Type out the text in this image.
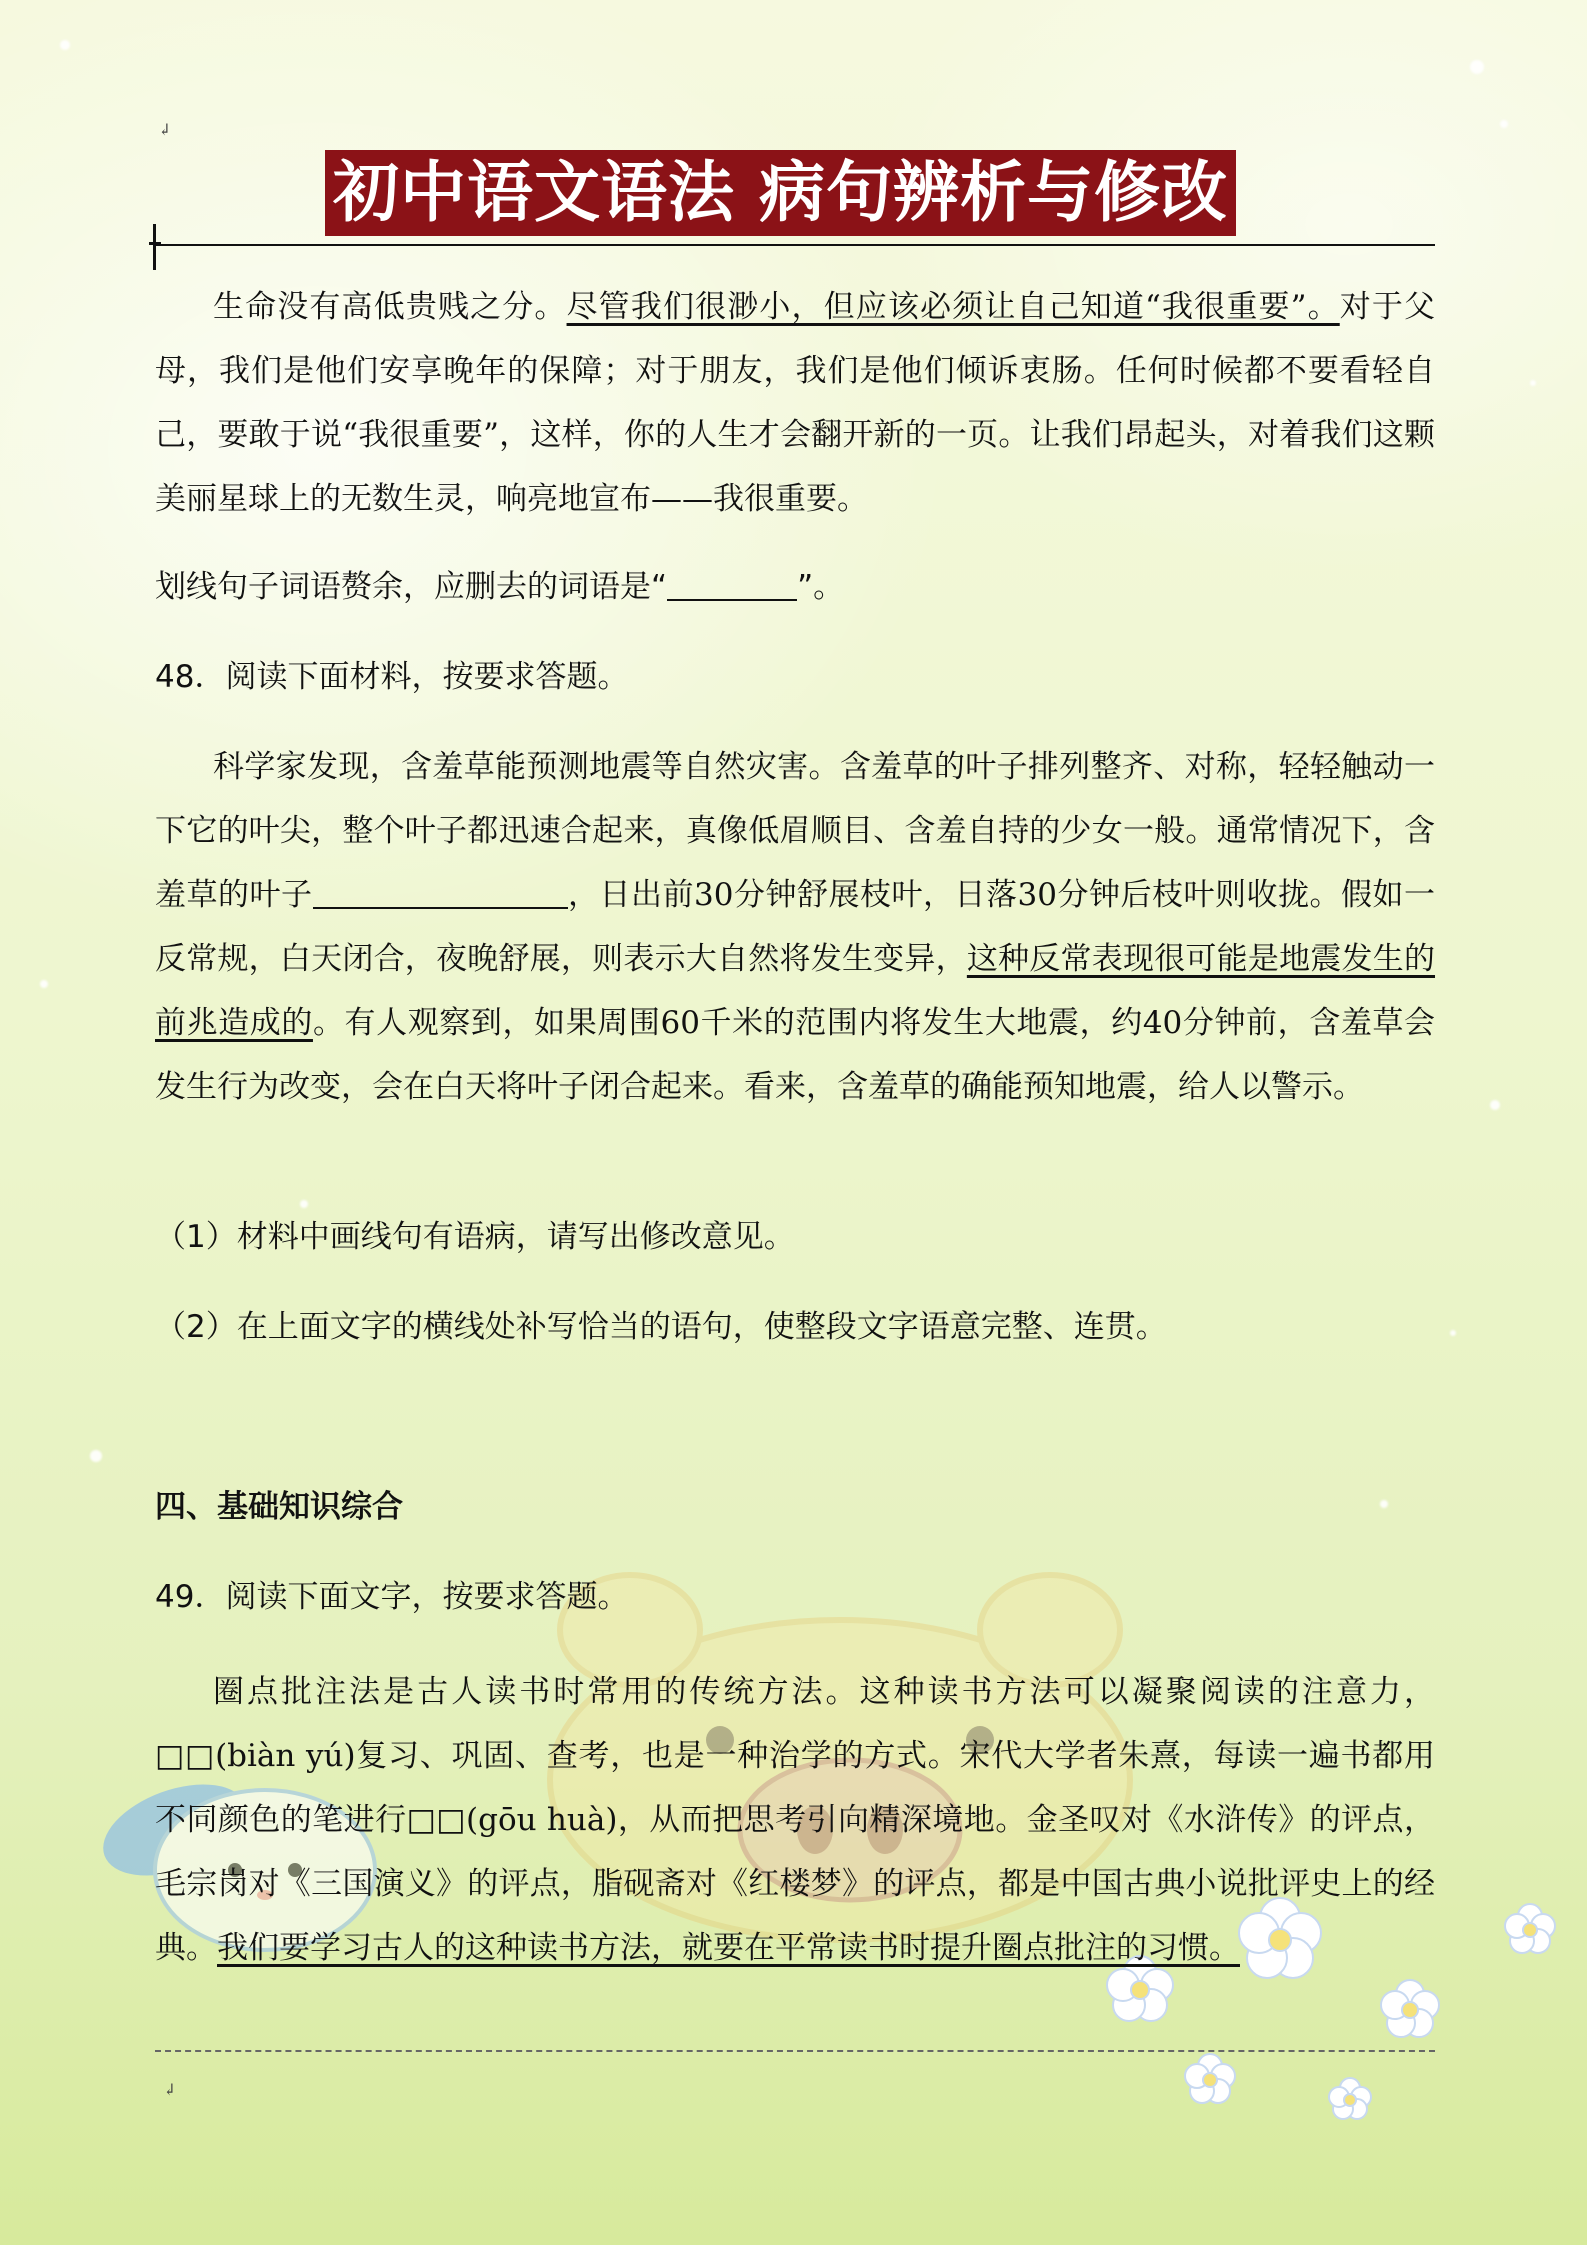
↲
初中语文语法 病句辨析与修改
生命没有高低贵贱之分。尽管我们很渺小，但应该必须让自己知道“我很重要”。对于父母，我们是他们安享晚年的保障；对于朋友，我们是他们倾诉衷肠。任何时候都不要看轻自己，要敢于说“我很重要”，这样，你的人生才会翻开新的一页。让我们昂起头，对着我们这颗美丽星球上的无数生灵，响亮地宣布——我很重要。
划线句子词语赘余，应删去的词语是“	”。
48．阅读下面材料，按要求答题。
科学家发现，含羞草能预测地震等自然灾害。含羞草的叶子排列整齐、对称，轻轻触动一下它的叶尖，整个叶子都迅速合起来，真像低眉顺目、含羞自持的少女一般。通常情况下，含羞草的叶子	，日出前30分钟舒展枝叶，日落30分钟后枝叶则收拢。假如一反常规，白天闭合，夜晚舒展，则表示大自然将发生变异，这种反常表现很可能是地震发生的前兆造成的。有人观察到，如果周围60千米的范围内将发生大地震，约40分钟前，含羞草会发生行为改变，会在白天将叶子闭合起来。看来，含羞草的确能预知地震，给人以警示。
（1）材料中画线句有语病，请写出修改意见。
（2）在上面文字的横线处补写恰当的语句，使整段文字语意完整、连贯。
四、基础知识综合
49．阅读下面文字，按要求答题。
圈点批注法是古人读书时常用的传统方法。这种读书方法可以凝聚阅读的注意力，□□(biàn yú)复习、巩固、查考，也是一种治学的方式。宋代大学者朱熹，每读一遍书都用不同颜色的笔进行□□(gōu huà)，从而把思考引向精深境地。金圣叹对《水浒传》的评点，毛宗岗对《三国演义》的评点，脂砚斋对《红楼梦》的评点，都是中国古典小说批评史上的经典。我们要学习古人的这种读书方法，就要在平常读书时提升圈点批注的习惯。
↲
